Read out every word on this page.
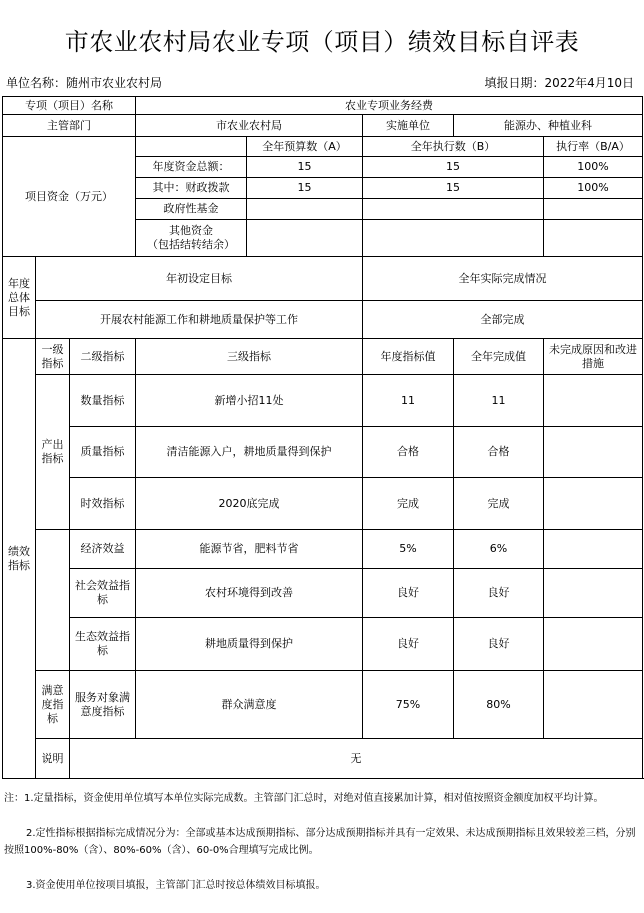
市农业农村局农业专项（项目）绩效目标自评表
单位名称：随州市农业农村局	填报日期：2022年4月10日
专项（项目）名称			农业专项业务经费				
主管部门			市农业农村局		实施单位	能源办、种植业科	
项目资金（万元）				全年预算数（A）	全年执行数（B）		执行率（B/A）
			年度资金总额：	15	15		100%
			其中：财政拨款	15	15		100%
			政府性基金				

			其他资金
（包括结转结余）				

年度总体目标	年初设定目标				全年实际完成情况		
	开展农村能源工作和耕地质量保护等工作				全部完成		
绩效指标	一级指标	二级指标	三级指标		年度指标值	全年完成值	未完成原因和改进措施
	产出指标	数量指标	新增小招11处		11	11	
		质量指标	清洁能源入户，耕地质量得到保护		合格	合格	
		时效指标	2020底完成		完成	完成	
		经济效益	能源节省，肥料节省		5%	6%	
		社会效益指标	农村环境得到改善		良好	良好	
		生态效益指标	耕地质量得到保护		良好	良好	
	满意度指标	服务对象满意度指标	群众满意度		75%	80%	
	说明	无					

注：1.定量指标，资金使用单位填写本单位实际完成数。主管部门汇总时，对绝对值直接累加计算，相对值按照资金额度加权平均计算。

2.定性指标根据指标完成情况分为：全部或基本达成预期指标、部分达成预期指标并具有一定效果、未达成预期指标且效果较差三档，分别按照100%-80%（含）、80%-60%（含）、60-0%合理填写完成比例。

3.资金使用单位按项目填报，主管部门汇总时按总体绩效目标填报。
